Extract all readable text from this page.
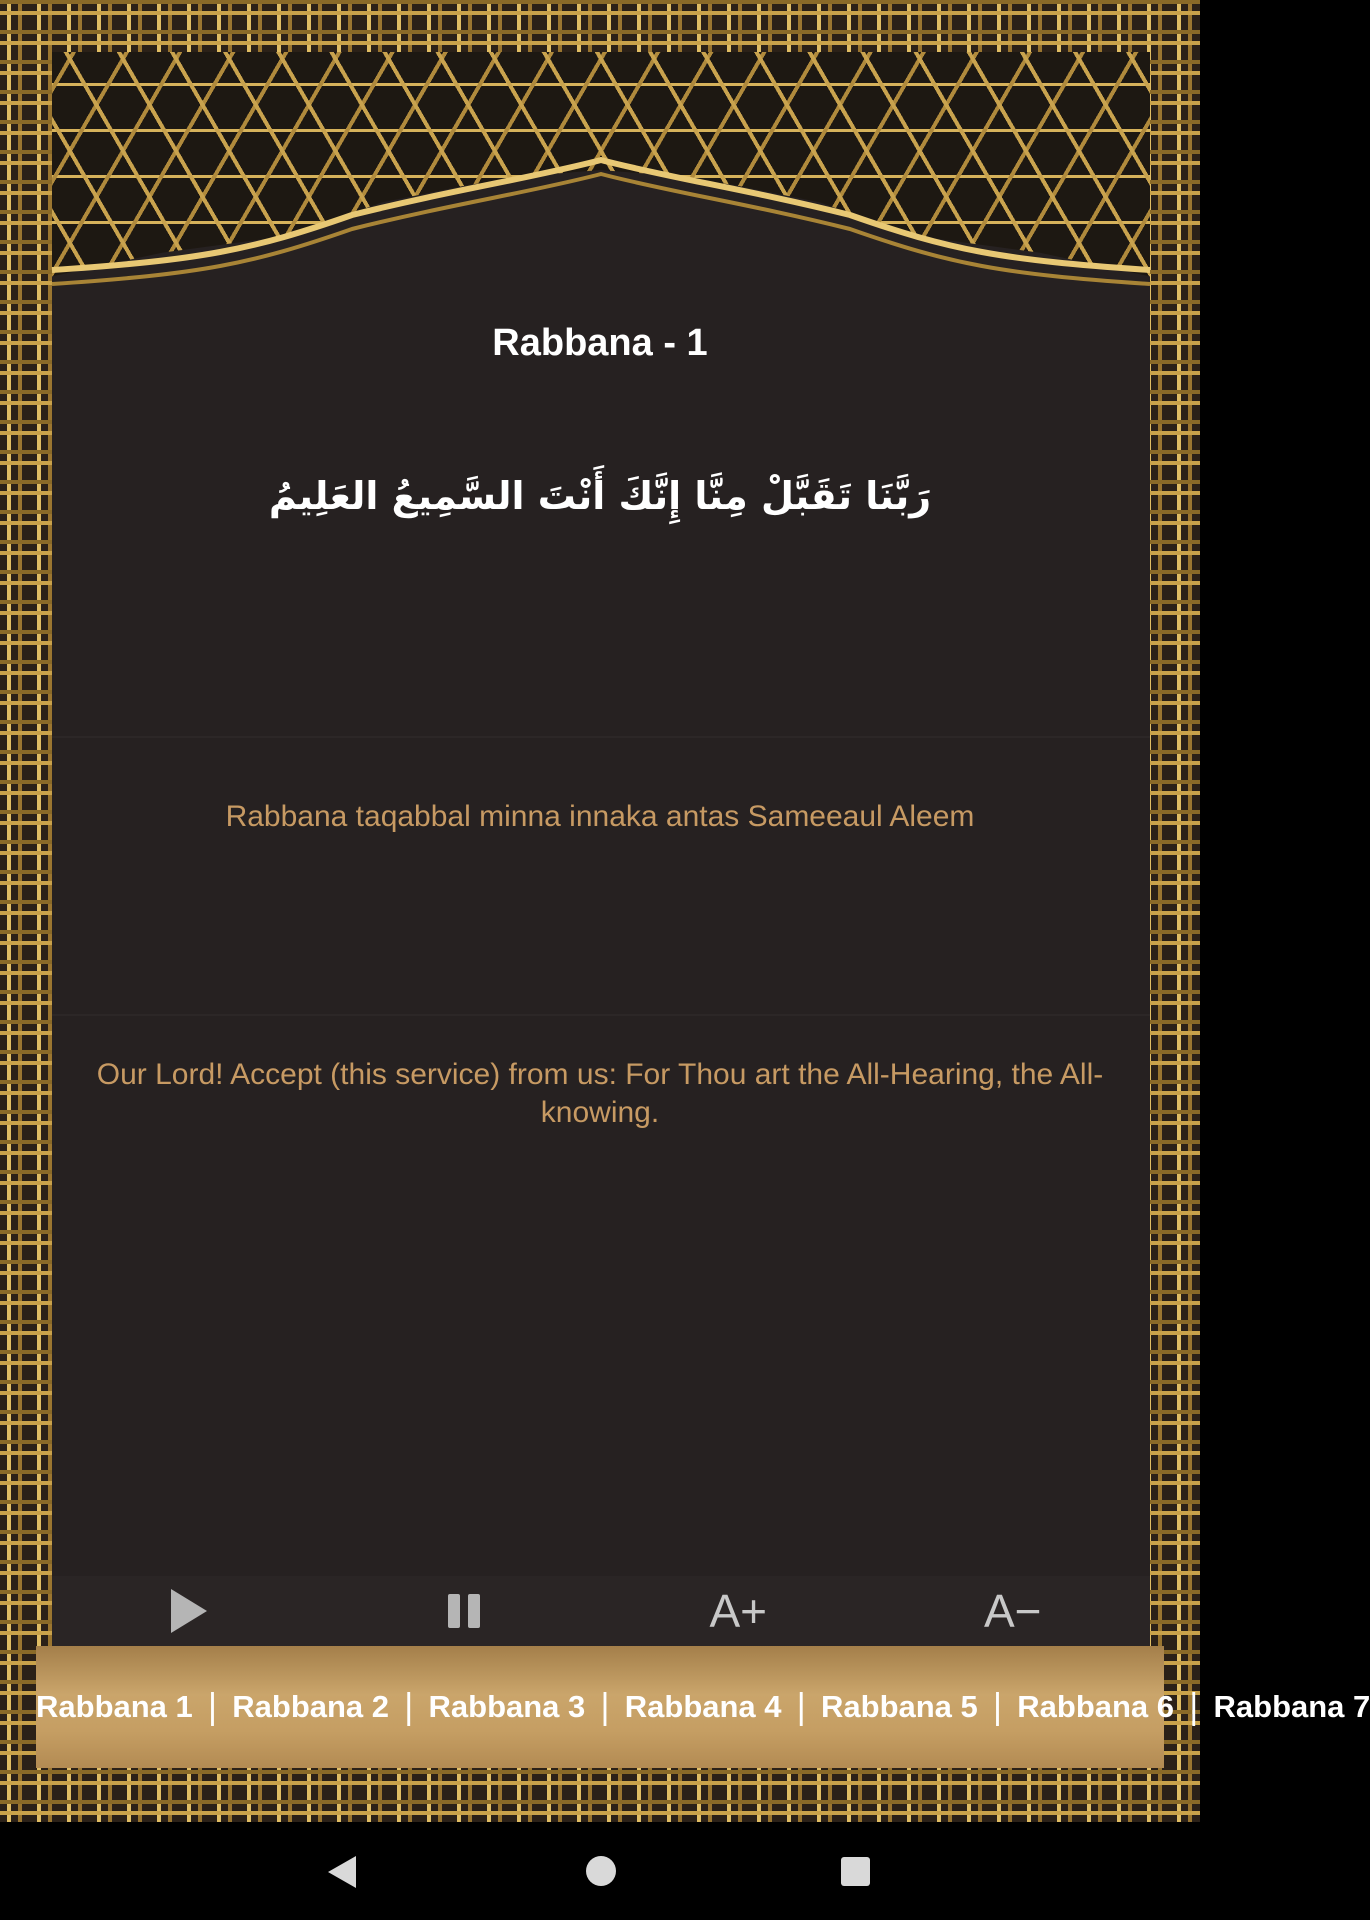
Rabbana - 1
رَبَّنَا تَقَبَّلْ مِنَّا إِنَّكَ أَنْتَ السَّمِيعُ العَلِيمُ
Rabbana taqabbal minna innaka antas Sameeaul Aleem
Our Lord! Accept (this service) from us: For Thou art the All-Hearing, the All-knowing.
A+	A−
Rabbana 1 | Rabbana 2 | Rabbana 3 | Rabbana 4 | Rabbana 5 | Rabbana 6 | Rabbana 7
